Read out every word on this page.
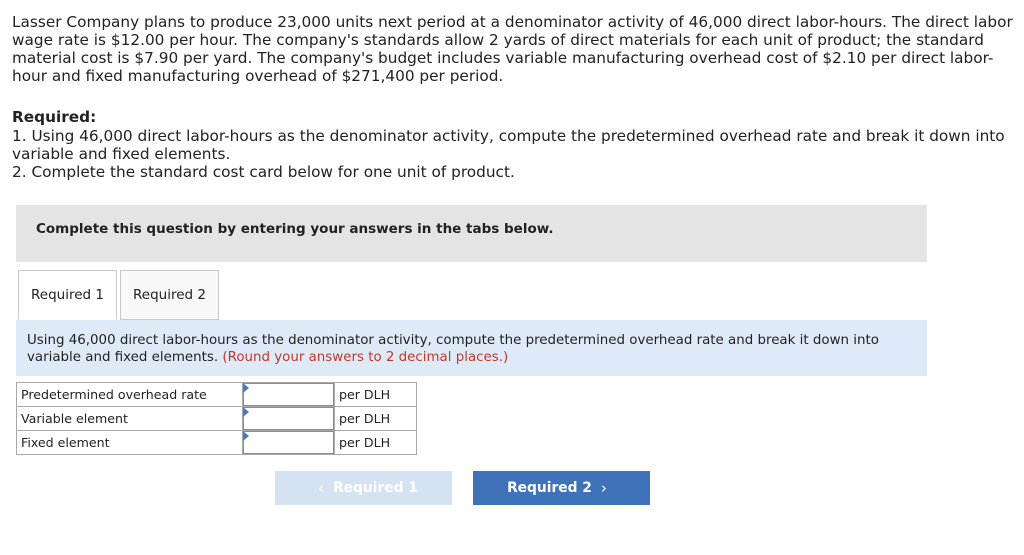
Lasser Company plans to produce 23,000 units next period at a denominator activity of 46,000 direct labor-hours. The direct labor wage rate is $12.00 per hour. The company's standards allow 2 yards of direct materials for each unit of product; the standard material cost is $7.90 per yard. The company's budget includes variable manufacturing overhead cost of $2.10 per direct labor-hour and fixed manufacturing overhead of $271,400 per period.

Required:

1. Using 46,000 direct labor-hours as the denominator activity, compute the predetermined overhead rate and break it down into variable and fixed elements.

2. Complete the standard cost card below for one unit of product.

Complete this question by entering your answers in the tabs below.
Required 1	Required 2

Using 46,000 direct labor-hours as the denominator activity, compute the predetermined overhead rate and break it down into variable and fixed elements. (Round your answers to 2 decimal places.)

Predetermined overhead rate		per DLH
Variable element		per DLH
Fixed element		per DLH
‹ Required 1	Required 2 ›
